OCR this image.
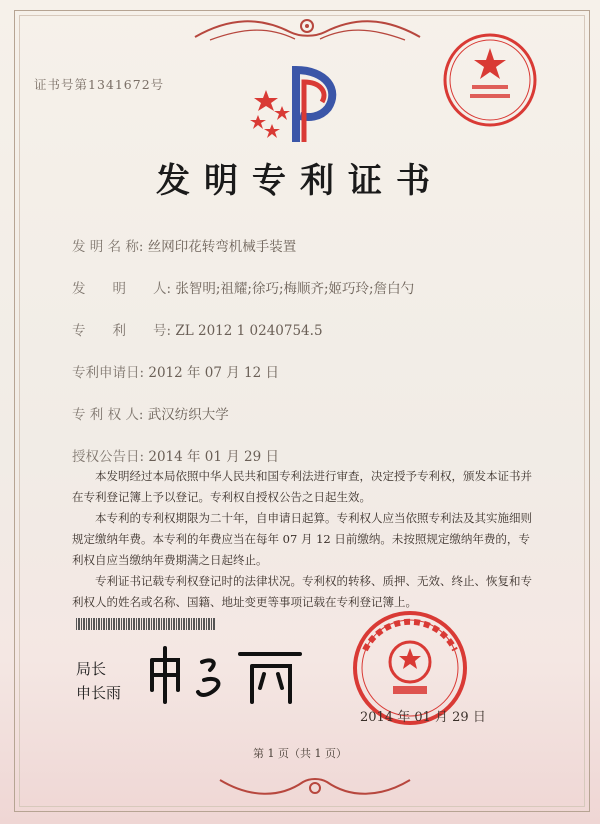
证书号第1341672号
发明专利证书
发 明 名 称: 丝网印花转弯机械手装置
发　　明　　人: 张智明;祖耀;徐巧;梅顺齐;姬巧玲;詹白勺
专　　利　　号: ZL 2012 1 0240754.5
专利申请日: 2012 年 07 月 12 日
专 利 权 人: 武汉纺织大学
授权公告日: 2014 年 01 月 29 日

本发明经过本局依照中华人民共和国专利法进行审查，决定授予专利权，颁发本证书并在专利登记簿上予以登记。专利权自授权公告之日起生效。

本专利的专利权期限为二十年，自申请日起算。专利权人应当依照专利法及其实施细则规定缴纳年费。本专利的年费应当在每年 07 月 12 日前缴纳。未按照规定缴纳年费的，专利权自应当缴纳年费期满之日起终止。

专利证书记载专利权登记时的法律状况。专利权的转移、质押、无效、终止、恢复和专利权人的姓名或名称、国籍、地址变更等事项记载在专利登记簿上。

局长
申长雨
2014 年 01 月 29 日
第 1 页（共 1 页）
